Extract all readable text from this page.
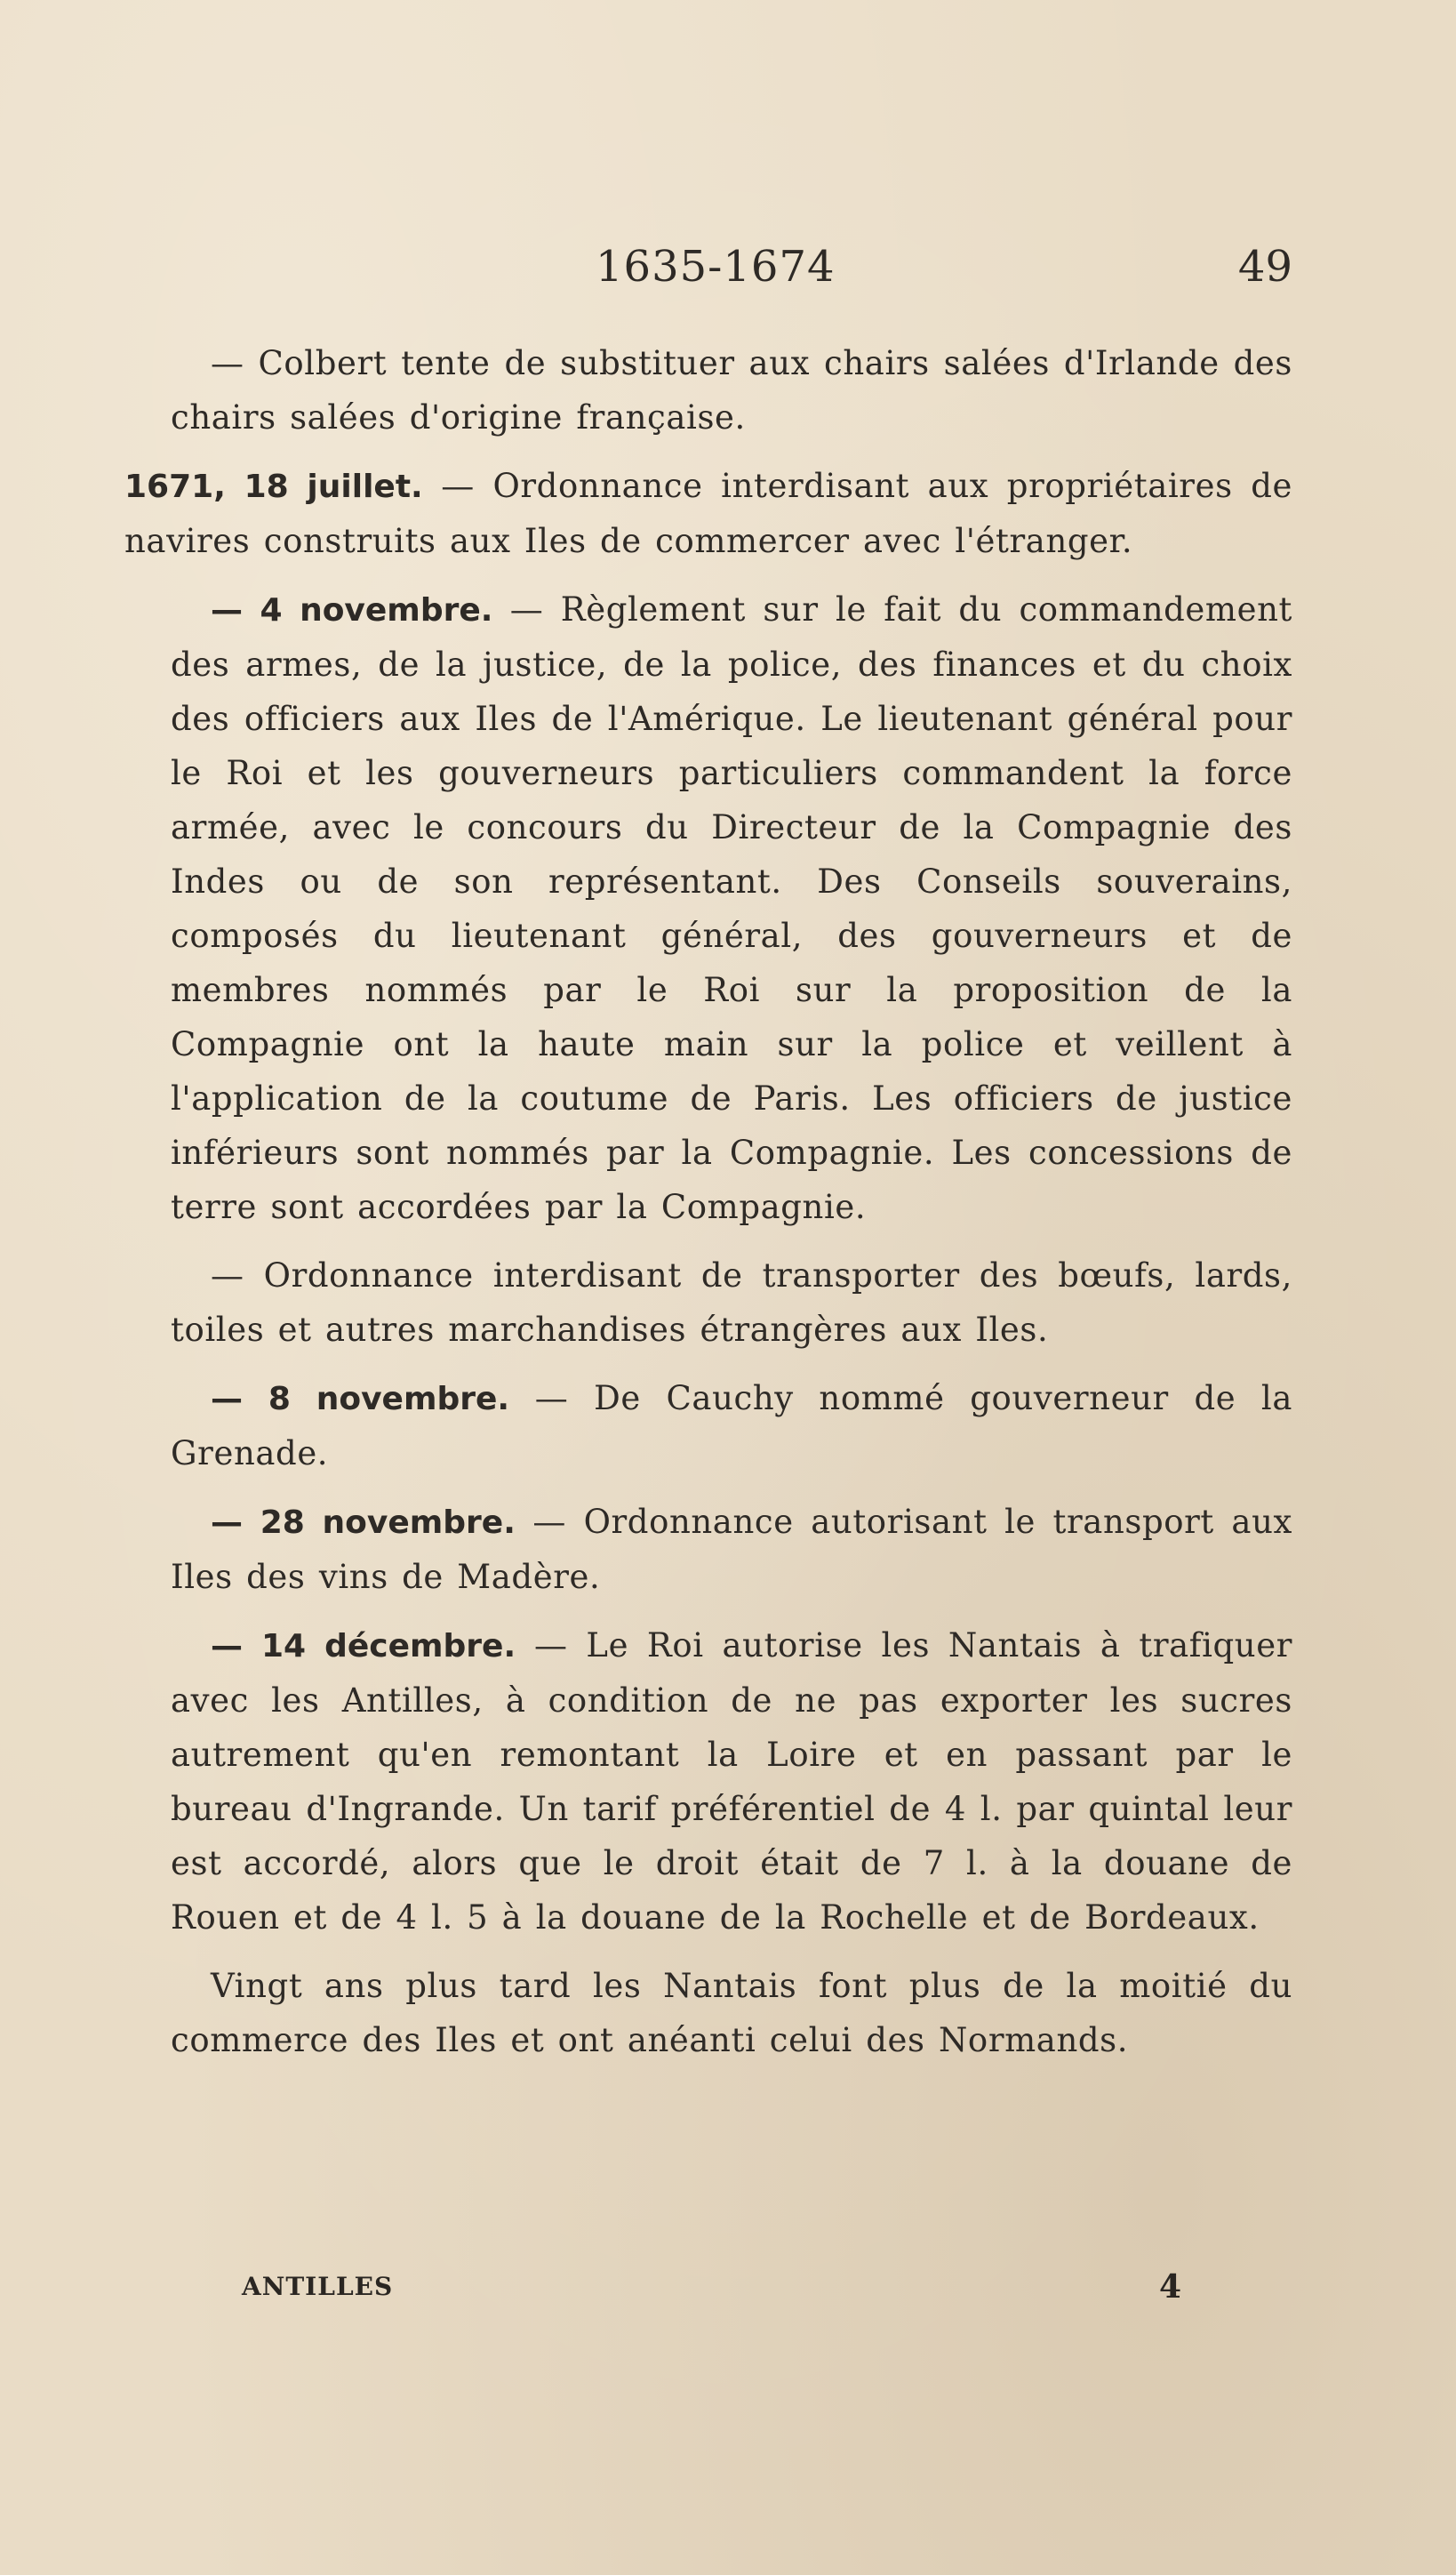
1635-1674	49

— Colbert tente de substituer aux chairs salées d'Irlande des chairs salées d'origine française.

1671, 18 juillet. — Ordonnance interdisant aux propriétaires de navires construits aux Iles de commercer avec l'étranger.

— 4 novembre. — Règlement sur le fait du commandement des armes, de la justice, de la police, des finances et du choix des officiers aux Iles de l'Amérique. Le lieutenant général pour le Roi et les gouverneurs particuliers commandent la force armée, avec le concours du Directeur de la Compagnie des Indes ou de son représentant. Des Conseils souverains, composés du lieutenant général, des gouverneurs et de membres nommés par le Roi sur la proposition de la Compagnie ont la haute main sur la police et veillent à l'application de la coutume de Paris. Les officiers de justice inférieurs sont nommés par la Compagnie. Les concessions de terre sont accordées par la Compagnie.

— Ordonnance interdisant de transporter des bœufs, lards, toiles et autres marchandises étrangères aux Iles.

— 8 novembre. — De Cauchy nommé gouverneur de la Grenade.

— 28 novembre. — Ordonnance autorisant le transport aux Iles des vins de Madère.

— 14 décembre. — Le Roi autorise les Nantais à trafiquer avec les Antilles, à condition de ne pas exporter les sucres autrement qu'en remontant la Loire et en passant par le bureau d'Ingrande. Un tarif préférentiel de 4 l. par quintal leur est accordé, alors que le droit était de 7 l. à la douane de Rouen et de 4 l. 5 à la douane de la Rochelle et de Bordeaux.

Vingt ans plus tard les Nantais font plus de la moitié du commerce des Iles et ont anéanti celui des Normands.

ANTILLES	4
